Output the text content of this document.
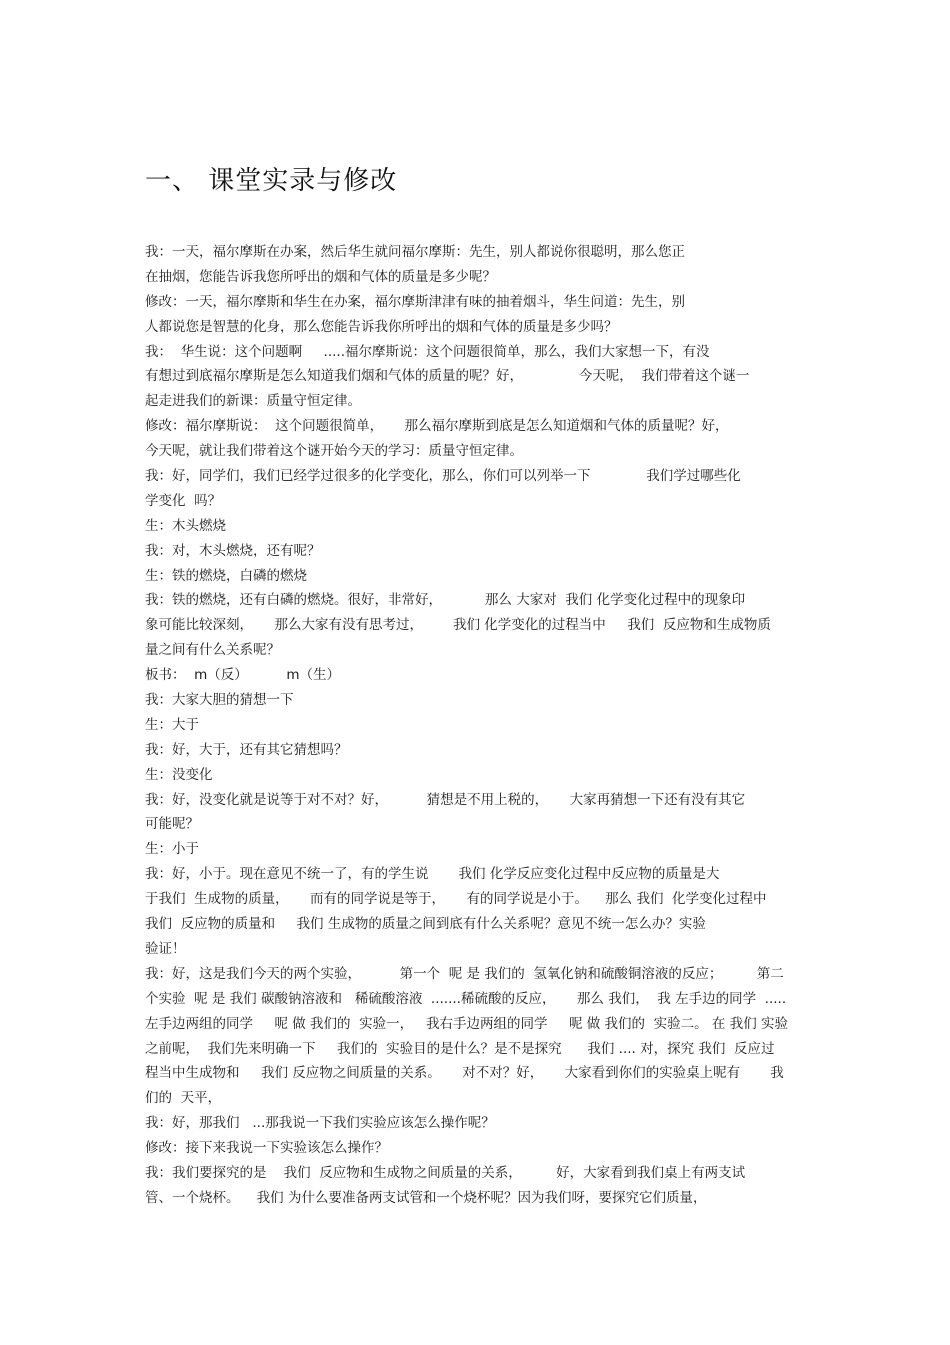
一、 课堂实录与修改
我：一天，福尔摩斯在办案，然后华生就问福尔摩斯：先生，别人都说你很聪明，那么您正
在抽烟，您能告诉我您所呼出的烟和气体的质量是多少呢？
修改：一天，福尔摩斯和华生在办案，福尔摩斯津津有味的抽着烟斗，华生问道：先生，别
人都说您是智慧的化身，那么您能告诉我你所呼出的烟和气体的质量是多少吗？
我：  华生说：这个问题啊     .....福尔摩斯说：这个问题很简单，那么，我们大家想一下，有没
有想过到底福尔摩斯是怎么知道我们烟和气体的质量的呢？好，             今天呢，  我们带着这个谜一
起走进我们的新课：质量守恒定律。
修改：福尔摩斯说：  这个问题很简单，     那么福尔摩斯到底是怎么知道烟和气体的质量呢？好，
今天呢，就让我们带着这个谜开始今天的学习：质量守恒定律。
我：好，同学们，我们已经学过很多的化学变化，那么，你们可以列举一下             我们学过哪些化
学变化  吗？
生：木头燃烧
我：对，木头燃烧，还有呢？
生：铁的燃烧，白磷的燃烧
我：铁的燃烧，还有白磷的燃烧。很好，非常好，          那么 大家对  我们 化学变化过程中的现象印
象可能比较深刻，     那么大家有没有思考过，       我们 化学变化的过程当中     我们  反应物和生成物质
量之间有什么关系呢？
板书：  m（反）         m（生）
我：大家大胆的猜想一下
生：大于
我：好，大于，还有其它猜想吗？
生：没变化
我：好，没变化就是说等于对不对？好，         猜想是不用上税的，     大家再猜想一下还有没有其它
可能呢？
生：小于
我：好，小于。现在意见不统一了，有的学生说       我们 化学反应变化过程中反应物的质量是大
于我们  生成物的质量，     而有的同学说是等于，     有的同学说是小于。    那么 我们  化学变化过程中
我们  反应物的质量和     我们 生成物的质量之间到底有什么关系呢？意见不统一怎么办？实验
验证！
我：好，这是我们今天的两个实验，         第一个  呢 是 我们的  氢氧化钠和硫酸铜溶液的反应；        第二
个实验  呢 是 我们 碳酸钠溶液和   稀硫酸溶液  .......稀硫酸的反应，     那么 我们，  我 左手边的同学  .....
左手边两组的同学     呢 做 我们的  实验一，   我右手边两组的同学     呢 做 我们的  实验二。 在 我们 实验
之前呢，  我们先来明确一下     我们的  实验目的是什么？是不是探究      我们 .... 对，探究 我们  反应过
程当中生成物和     我们 反应物之间质量的关系。     对不对？好，     大家看到你们的实验桌上呢有       我
们的  天平，
我：好，那我们   ...那我说一下我们实验应该怎么操作呢？
修改：接下来我说一下实验该怎么操作？
我：我们要探究的是    我们  反应物和生成物之间质量的关系，        好，大家看到我们桌上有两支试
管、一个烧杯。    我们 为什么要准备两支试管和一个烧杯呢？因为我们呀，要探究它们质量，
